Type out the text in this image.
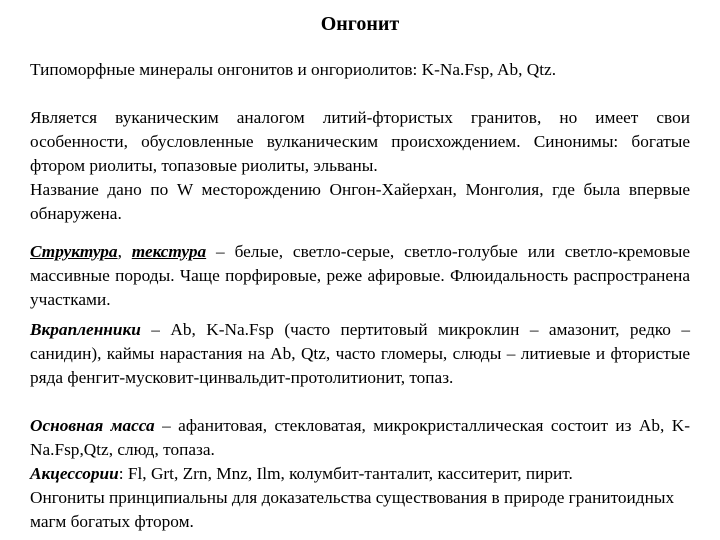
Онгонит

Типоморфные минералы онгонитов и онгориолитов: K-Na.Fsp, Ab, Qtz.

Является вуканическим аналогом литий-фтористых гранитов, но имеет свои особенности, обусловленные вулканическим происхождением. Синонимы: богатые фтором риолиты, топазовые риолиты, эльваны.

Название дано по W месторождению Онгон-Хайерхан, Монголия, где была впервые обнаружена.

Структура, текстура – белые, светло-серые, светло-голубые или светло-кремовые массивные породы. Чаще порфировые, реже афировые. Флюидальность распространена участками.

Вкрапленники – Ab, K-Na.Fsp (часто пертитовый микроклин – амазонит, редко – санидин), каймы нарастания на Ab, Qtz, часто гломеры, слюды – литиевые и фтористые ряда фенгит-мусковит-цинвальдит-протолитионит, топаз.

Основная масса – афанитовая, стекловатая, микрокристаллическая состоит из Ab, K-Na.Fsp,Qtz, слюд, топаза.

Акцессории: Fl, Grt, Zrn, Mnz, Ilm, колумбит-танталит, касситерит, пирит.

Онгониты принципиальны для доказательства существования в природе гранитоидных магм богатых фтором.
